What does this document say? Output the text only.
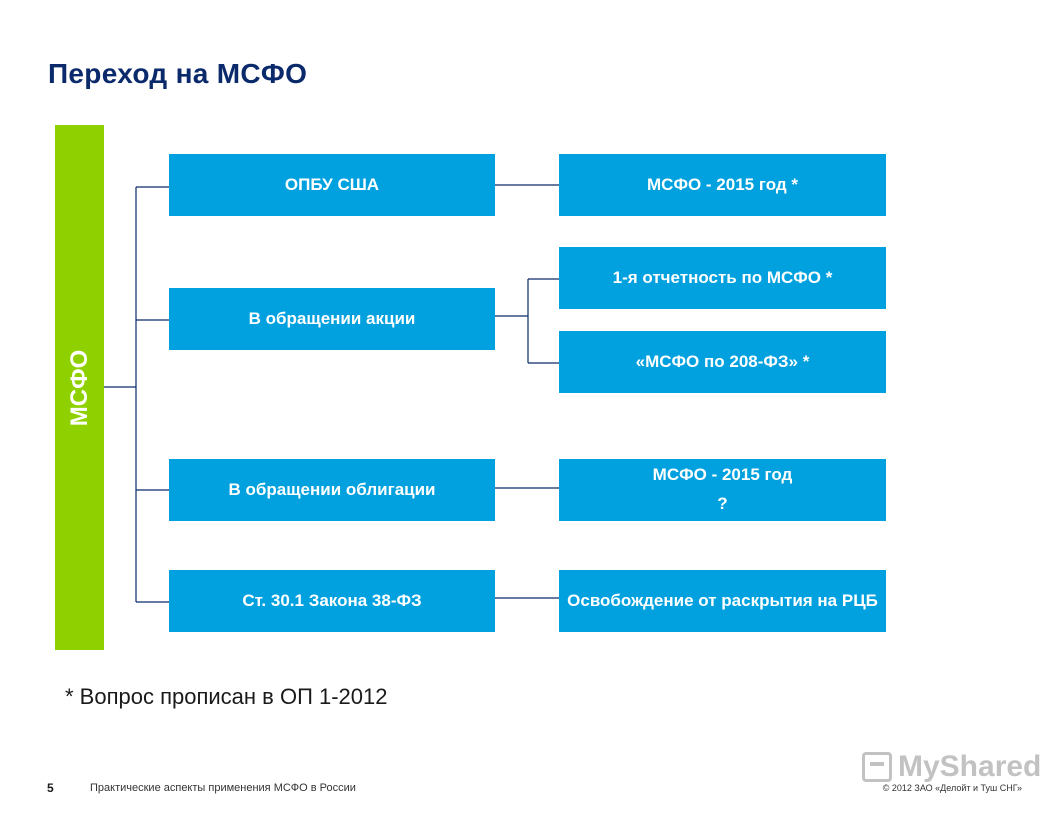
Переход на МСФО
МСФО
ОПБУ США
В обращении акции
В обращении облигации
Ст. 30.1 Закона 38-ФЗ
МСФО - 2015 год *
1-я отчетность по МСФО *
«МСФО по 208-ФЗ» *
МСФО - 2015 год
?
Освобождение от раскрытия на РЦБ
* Вопрос прописан в ОП 1-2012
5	Практические аспекты применения МСФО в России
MyShared
© 2012 ЗАО «Делойт и Туш СНГ»
